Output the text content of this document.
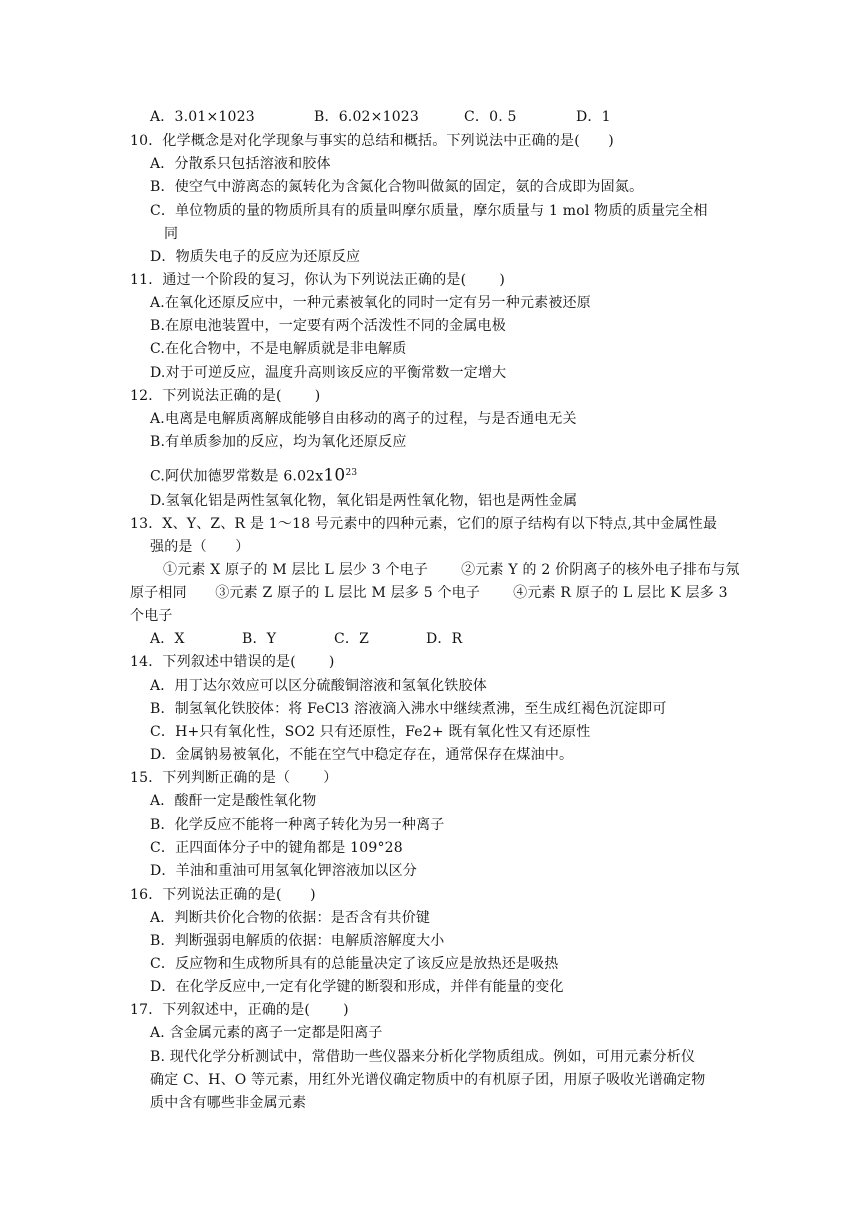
A．3.01×1023	B．6.02×1023	C．0. 5	D．1
10．化学概念是对化学现象与事实的总结和概括。下列说法中正确的是(　　)
A．分散系只包括溶液和胶体
B．使空气中游离态的氮转化为含氮化合物叫做氮的固定，氨的合成即为固氮。
C．单位物质的量的物质所具有的质量叫摩尔质量，摩尔质量与 1 mol 物质的质量完全相
同
D．物质失电子的反应为还原反应
11．通过一个阶段的复习，你认为下列说法正确的是(　　 )
A.在氧化还原反应中，一种元素被氧化的同时一定有另一种元素被还原
B.在原电池装置中，一定要有两个活泼性不同的金属电极
C.在化合物中，不是电解质就是非电解质
D.对于可逆反应，温度升高则该反应的平衡常数一定增大
12．下列说法正确的是(　　 )
A.电离是电解质离解成能够自由移动的离子的过程，与是否通电无关
B.有单质参加的反应，均为氧化还原反应
C.阿伏加德罗常数是 $6.02x10^{23}$
D.氢氧化铝是两性氢氧化物，氧化铝是两性氧化物，铝也是两性金属
13．X、Y、Z、R 是 1～18 号元素中的四种元素，它们的原子结构有以下特点,其中金属性最
强的是（　　）
①元素 X 原子的 M 层比 L 层少 3 个电子　　 ②元素 Y 的 2 价阴离子的核外电子排布与氖
原子相同　　③元素 Z 原子的 L 层比 M 层多 5 个电子　　 ④元素 R 原子的 L 层比 K 层多 3
个电子
A．X	B．Y	C．Z	D．R
14．下列叙述中错误的是(　　 )
A．用丁达尔效应可以区分硫酸铜溶液和氢氧化铁胶体
B．制氢氧化铁胶体：将 FeCl3 溶液滴入沸水中继续煮沸，至生成红褐色沉淀即可
C．H+只有氧化性，SO2 只有还原性，Fe2+ 既有氧化性又有还原性
D．金属钠易被氧化，不能在空气中稳定存在，通常保存在煤油中。
15．下列判断正确的是（　　 ）
A．酸酐一定是酸性氧化物
B．化学反应不能将一种离子转化为另一种离子
C．正四面体分子中的键角都是 109°28
D．羊油和重油可用氢氧化钾溶液加以区分
16．下列说法正确的是(　　)
A．判断共价化合物的依据：是否含有共价键
B．判断强弱电解质的依据：电解质溶解度大小
C．反应物和生成物所具有的总能量决定了该反应是放热还是吸热
D．在化学反应中,一定有化学键的断裂和形成，并伴有能量的变化
17．下列叙述中，正确的是(　　 )
A. 含金属元素的离子一定都是阳离子
B. 现代化学分析测试中，常借助一些仪器来分析化学物质组成。例如，可用元素分析仪
确定 C、H、O 等元素，用红外光谱仪确定物质中的有机原子团，用原子吸收光谱确定物
质中含有哪些非金属元素
